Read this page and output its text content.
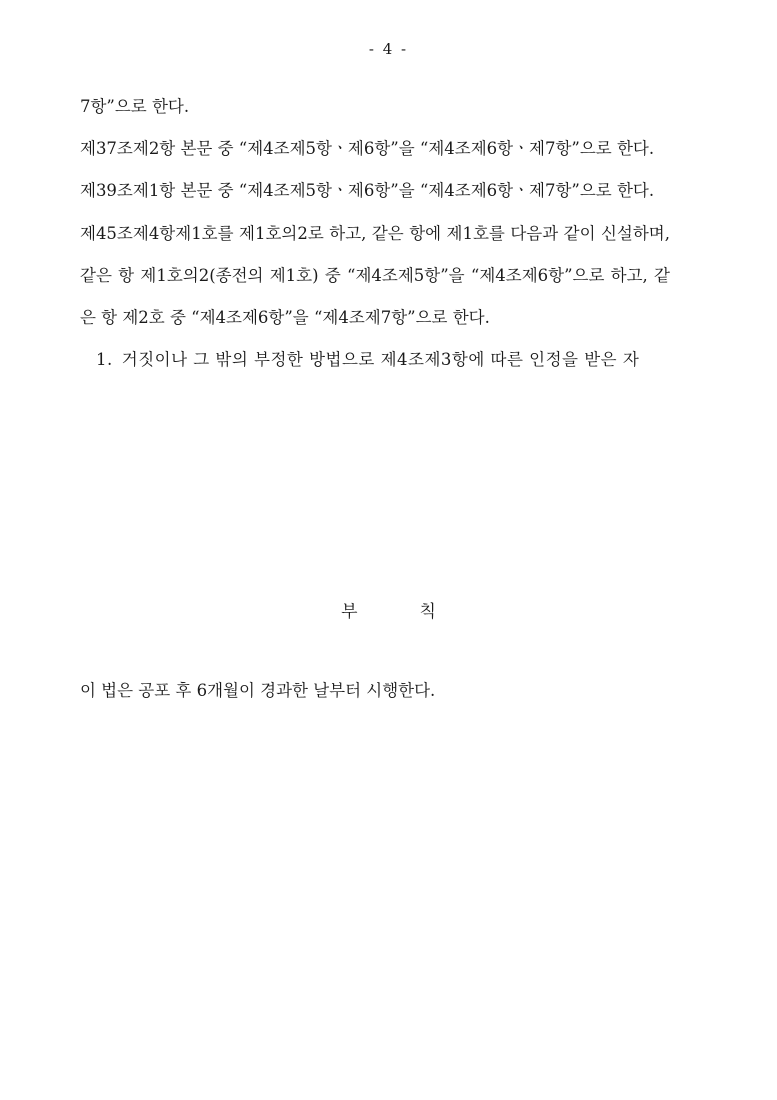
- 4 -

7항”으로 한다.

제37조제2항 본문 중 “제4조제5항ㆍ제6항”을 “제4조제6항ㆍ제7항”으로 한다.

제39조제1항 본문 중 “제4조제5항ㆍ제6항”을 “제4조제6항ㆍ제7항”으로 한다.

제45조제4항제1호를 제1호의2로 하고, 같은 항에 제1호를 다음과 같이 신설하며, 같은 항 제1호의2(종전의 제1호) 중 “제4조제5항”을 “제4조제6항”으로 하고, 같은 항 제2호 중 “제4조제6항”을 “제4조제7항”으로 한다.

1. 거짓이나 그 밖의 부정한 방법으로 제4조제3항에 따른 인정을 받은 자

부	칙

이 법은 공포 후 6개월이 경과한 날부터 시행한다.
